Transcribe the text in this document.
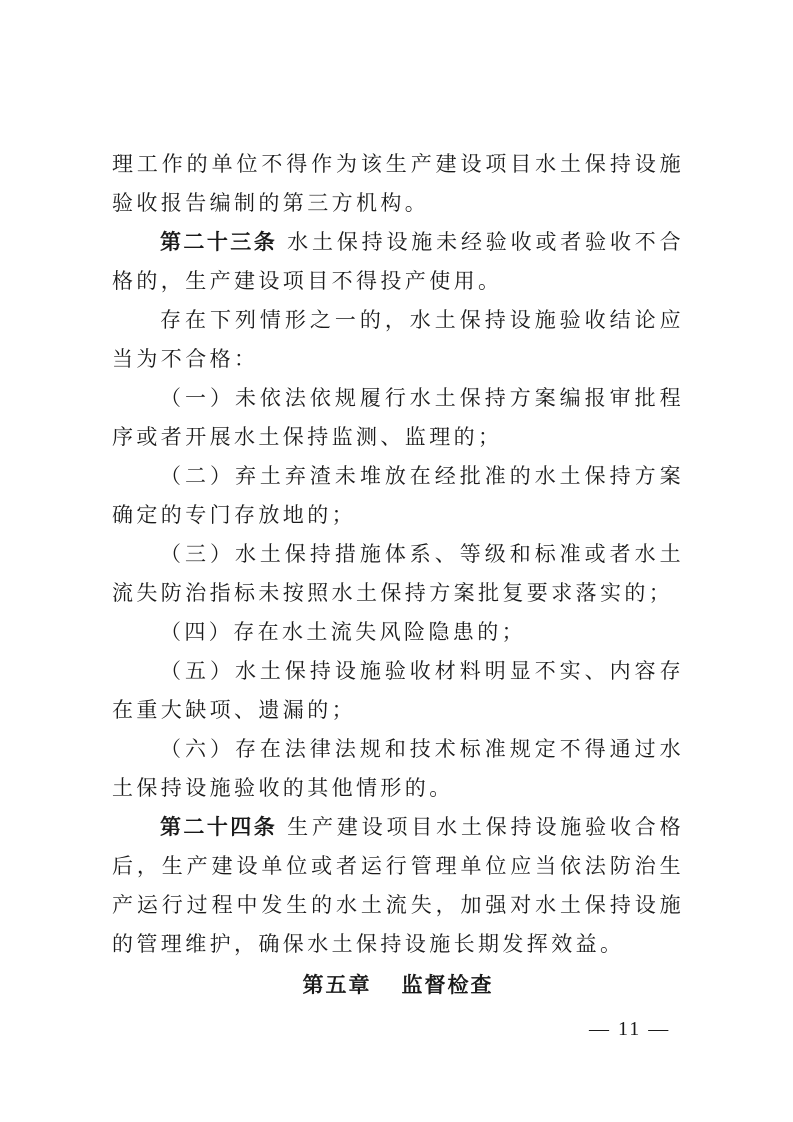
理工作的单位不得作为该生产建设项目水土保持设施验收报告编制的第三方机构。

第二十三条 水土保持设施未经验收或者验收不合格的，生产建设项目不得投产使用。

存在下列情形之一的，水土保持设施验收结论应当为不合格：

（一）未依法依规履行水土保持方案编报审批程序或者开展水土保持监测、监理的；

（二）弃土弃渣未堆放在经批准的水土保持方案确定的专门存放地的；

（三）水土保持措施体系、等级和标准或者水土流失防治指标未按照水土保持方案批复要求落实的；

（四）存在水土流失风险隐患的；

（五）水土保持设施验收材料明显不实、内容存在重大缺项、遗漏的；

（六）存在法律法规和技术标准规定不得通过水土保持设施验收的其他情形的。

第二十四条 生产建设项目水土保持设施验收合格后，生产建设单位或者运行管理单位应当依法防治生产运行过程中发生的水土流失，加强对水土保持设施的管理维护，确保水土保持设施长期发挥效益。

第五章 监督检查

— 11 —
